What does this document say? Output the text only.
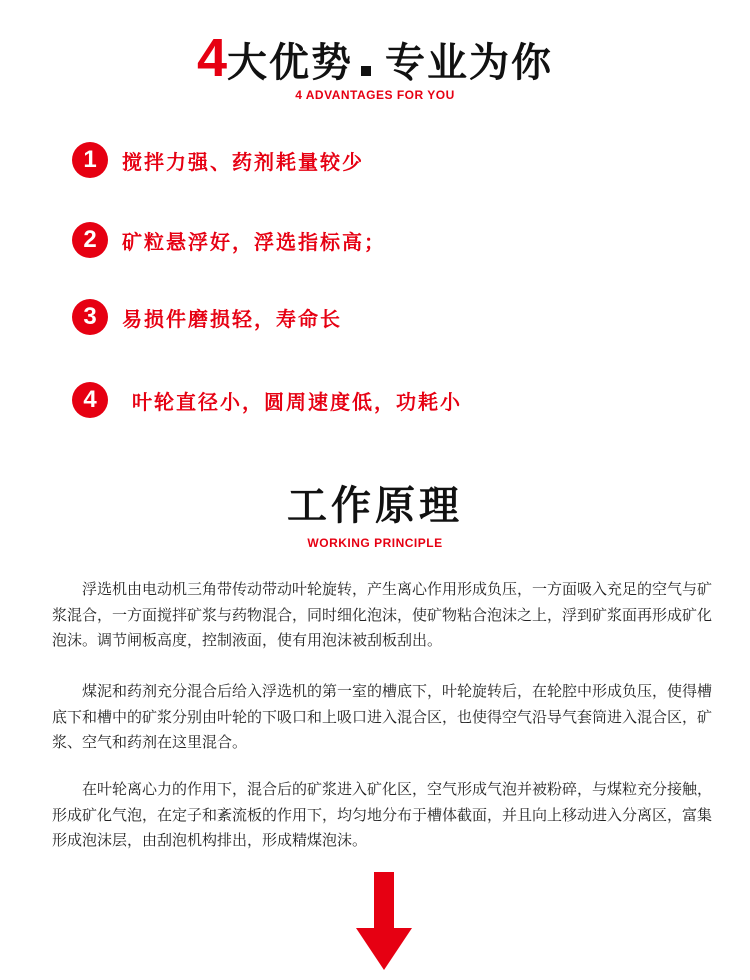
4大优势 专业为你
4 ADVANTAGES FOR YOU
1	搅拌力强、药剂耗量较少
2	矿粒悬浮好，浮选指标高；
3	易损件磨损轻，寿命长
4	叶轮直径小，圆周速度低，功耗小
工作原理
WORKING PRINCIPLE

浮选机由电动机三角带传动带动叶轮旋转，产生离心作用形成负压，一方面吸入充足的空气与矿浆混合，一方面搅拌矿浆与药物混合，同时细化泡沫，使矿物粘合泡沫之上，浮到矿浆面再形成矿化泡沫。调节闸板高度，控制液面，使有用泡沫被刮板刮出。

煤泥和药剂充分混合后给入浮选机的第一室的槽底下，叶轮旋转后，在轮腔中形成负压，使得槽底下和槽中的矿浆分别由叶轮的下吸口和上吸口进入混合区，也使得空气沿导气套筒进入混合区，矿浆、空气和药剂在这里混合。

在叶轮离心力的作用下，混合后的矿浆进入矿化区，空气形成气泡并被粉碎，与煤粒充分接触，形成矿化气泡，在定子和紊流板的作用下，均匀地分布于槽体截面，并且向上移动进入分离区，富集形成泡沫层，由刮泡机构排出，形成精煤泡沫。
